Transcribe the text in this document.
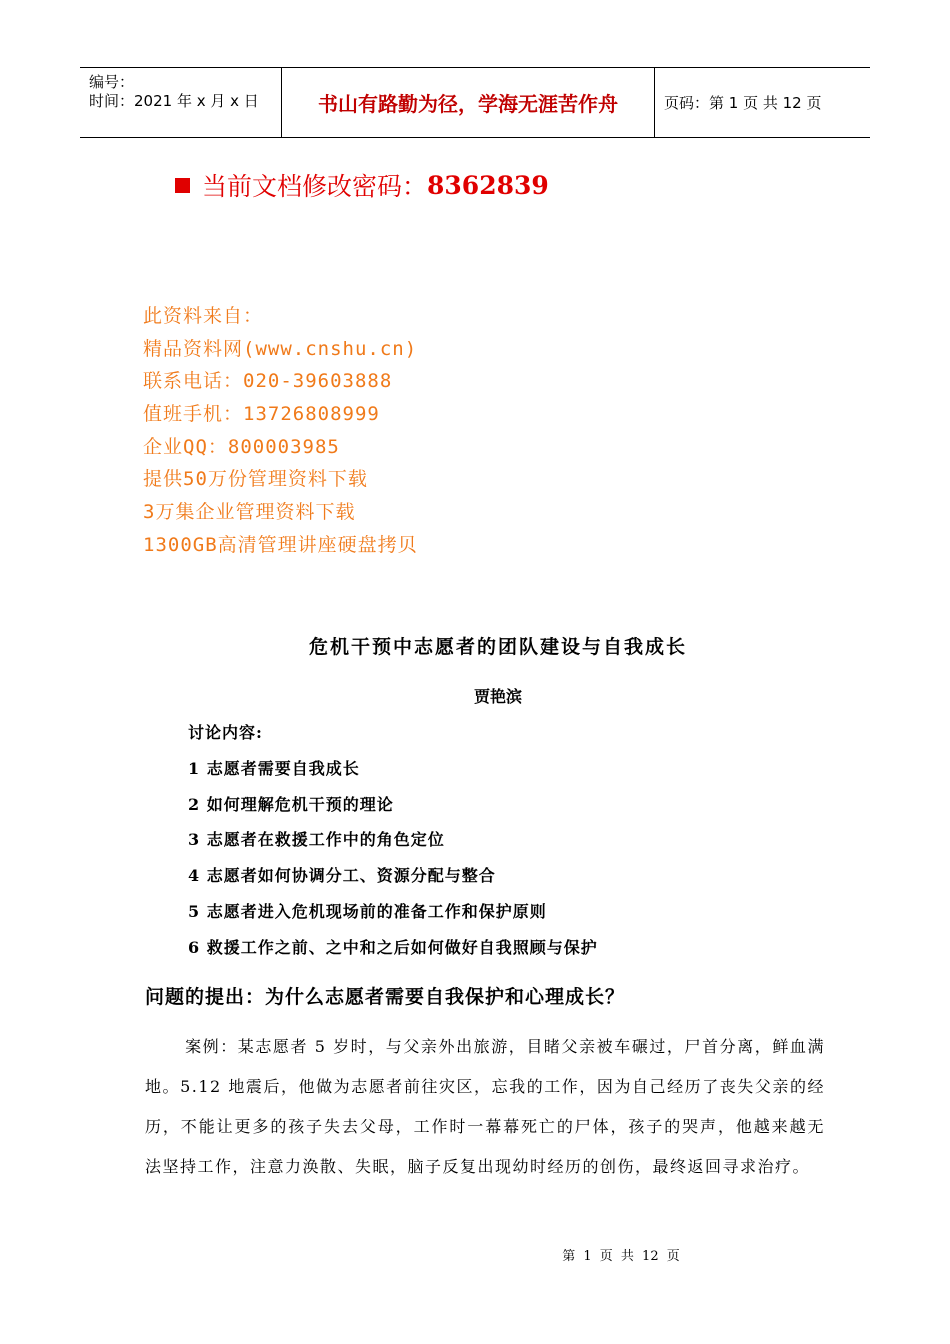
编号：
时间：2021 年 x 月 x 日	书山有路勤为径，学海无涯苦作舟	页码：第 1 页 共 12 页
当前文档修改密码： 8362839
此资料来自：
精品资料网(www.cnshu.cn)
联系电话：020-39603888
值班手机：13726808999
企业QQ：800003985
提供50万份管理资料下载
3万集企业管理资料下载
1300GB高清管理讲座硬盘拷贝
危机干预中志愿者的团队建设与自我成长
贾艳滨
讨论内容:
1 志愿者需要自我成长
2 如何理解危机干预的理论
3 志愿者在救援工作中的角色定位
4 志愿者如何协调分工、资源分配与整合
5 志愿者进入危机现场前的准备工作和保护原则
6 救援工作之前、之中和之后如何做好自我照顾与保护
问题的提出：为什么志愿者需要自我保护和心理成长？
案例：某志愿者 5 岁时，与父亲外出旅游，目睹父亲被车碾过，尸首分离，鲜血满地。5.12 地震后，他做为志愿者前往灾区，忘我的工作，因为自己经历了丧失父亲的经历，不能让更多的孩子失去父母，工作时一幕幕死亡的尸体，孩子的哭声，他越来越无法坚持工作，注意力涣散、失眠，脑子反复出现幼时经历的创伤，最终返回寻求治疗。
第 1 页 共 12 页
